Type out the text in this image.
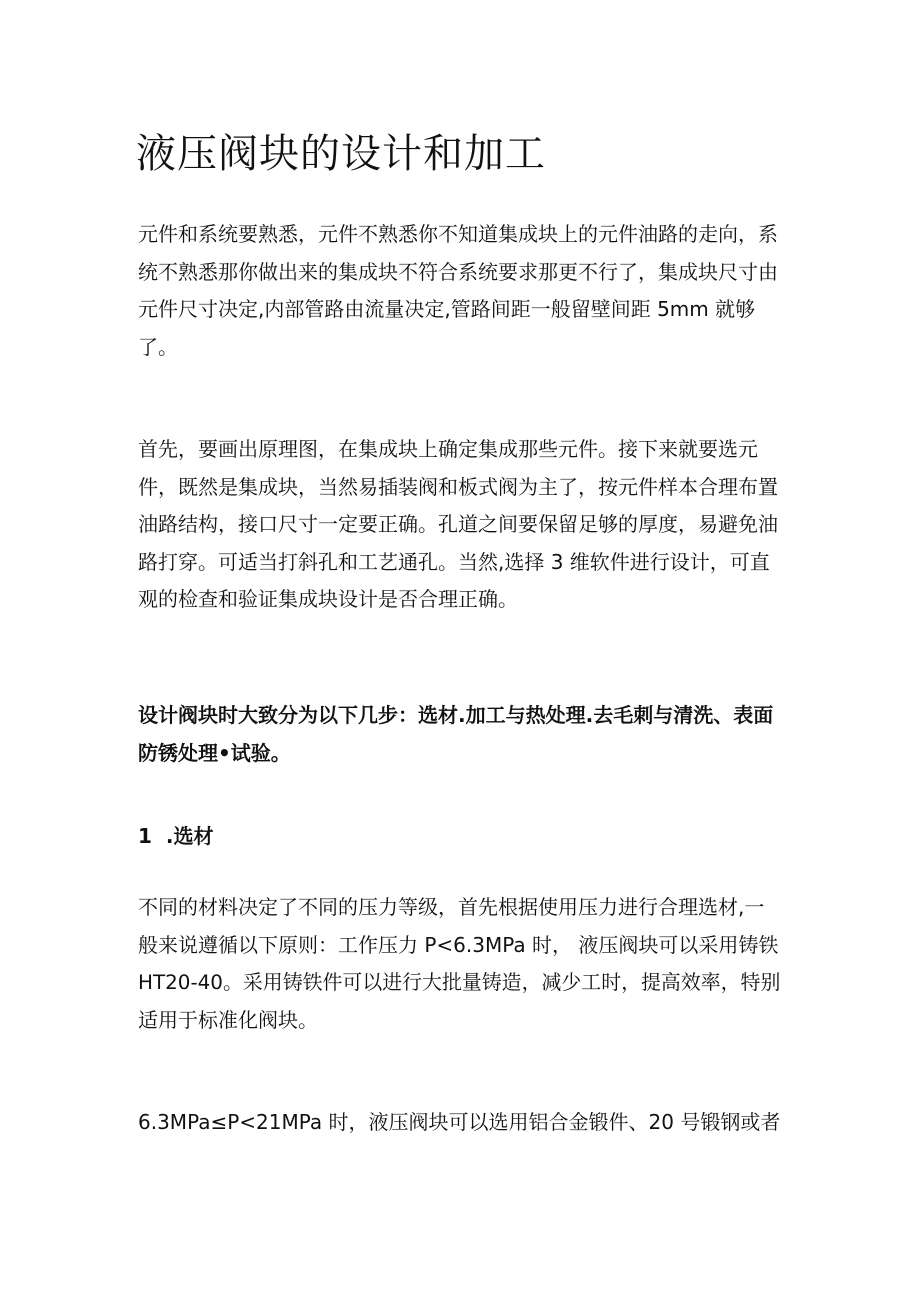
液压阀块的设计和加工
元件和系统要熟悉，元件不熟悉你不知道集成块上的元件油路的走向，系
统不熟悉那你做出来的集成块不符合系统要求那更不行了，集成块尺寸由
元件尺寸决定,内部管路由流量决定,管路间距一般留壁间距 5mm 就够
了。
首先，要画出原理图，在集成块上确定集成那些元件。接下来就要选元
件，既然是集成块，当然易插装阀和板式阀为主了，按元件样本合理布置
油路结构，接口尺寸一定要正确。孔道之间要保留足够的厚度，易避免油
路打穿。可适当打斜孔和工艺通孔。当然,选择 3 维软件进行设计，可直
观的检查和验证集成块设计是否合理正确。
设计阀块时大致分为以下几步：选材.加工与热处理.去毛刺与清洗、表面
防锈处理•试验。
1  .选材
不同的材料决定了不同的压力等级，首先根据使用压力进行合理选材,一
般来说遵循以下原则：工作压力 P<6.3MPa 时， 液压阀块可以采用铸铁
HT20-40。采用铸铁件可以进行大批量铸造，减少工时，提高效率，特别
适用于标准化阀块。
6.3MPa≤P<21MPa 时，液压阀块可以选用铝合金锻件、20 号锻钢或者
